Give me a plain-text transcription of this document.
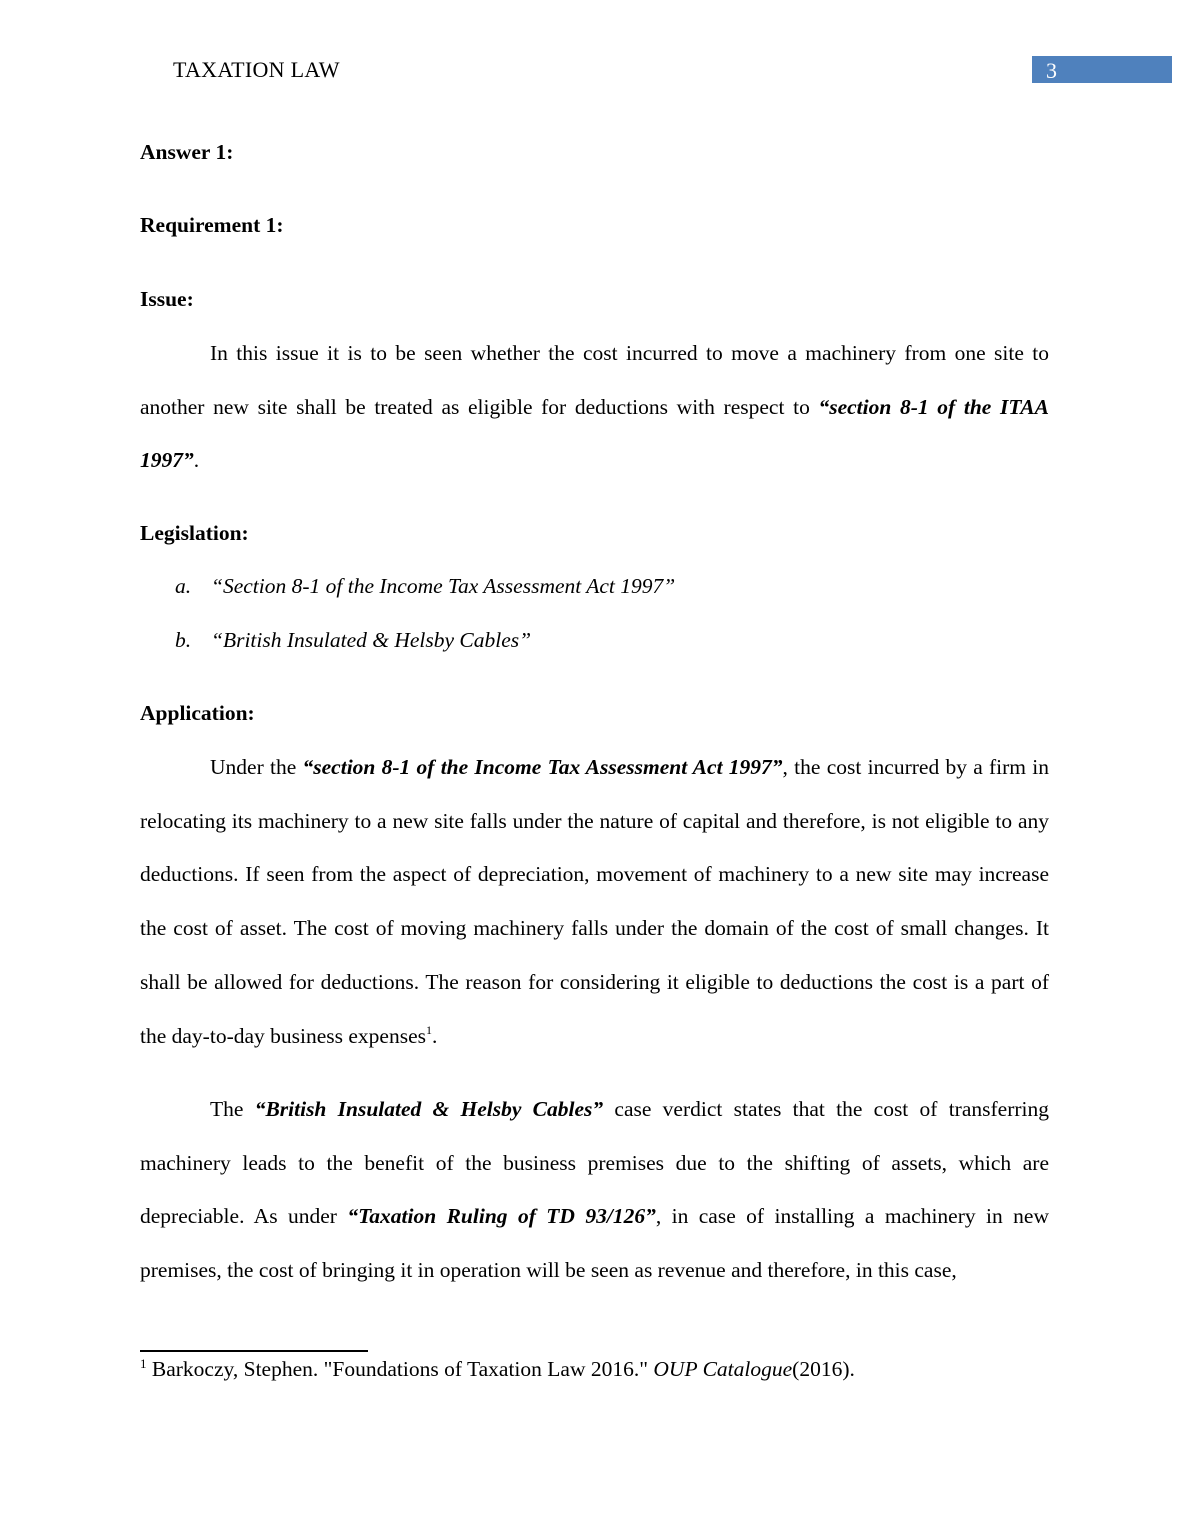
TAXATION LAW	3
Answer 1:
Requirement 1:
Issue:
In this issue it is to be seen whether the cost incurred to move a machinery from one site to another new site shall be treated as eligible for deductions with respect to “section 8-1 of the ITAA 1997”.
Legislation:
a. “Section 8-1 of the Income Tax Assessment Act 1997”
b. “British Insulated & Helsby Cables”
Application:
Under the “section 8-1 of the Income Tax Assessment Act 1997”, the cost incurred by a firm in relocating its machinery to a new site falls under the nature of capital and therefore, is not eligible to any deductions. If seen from the aspect of depreciation, movement of machinery to a new site may increase the cost of asset. The cost of moving machinery falls under the domain of the cost of small changes. It shall be allowed for deductions. The reason for considering it eligible to deductions the cost is a part of the day-to-day business expenses$^1$.
The “British Insulated & Helsby Cables” case verdict states that the cost of transferring machinery leads to the benefit of the business premises due to the shifting of assets, which are depreciable. As under “Taxation Ruling of TD 93/126”, in case of installing a machinery in new premises, the cost of bringing it in operation will be seen as revenue and therefore, in this case,
$^1$ Barkoczy, Stephen. "Foundations of Taxation Law 2016." OUP Catalogue(2016).
